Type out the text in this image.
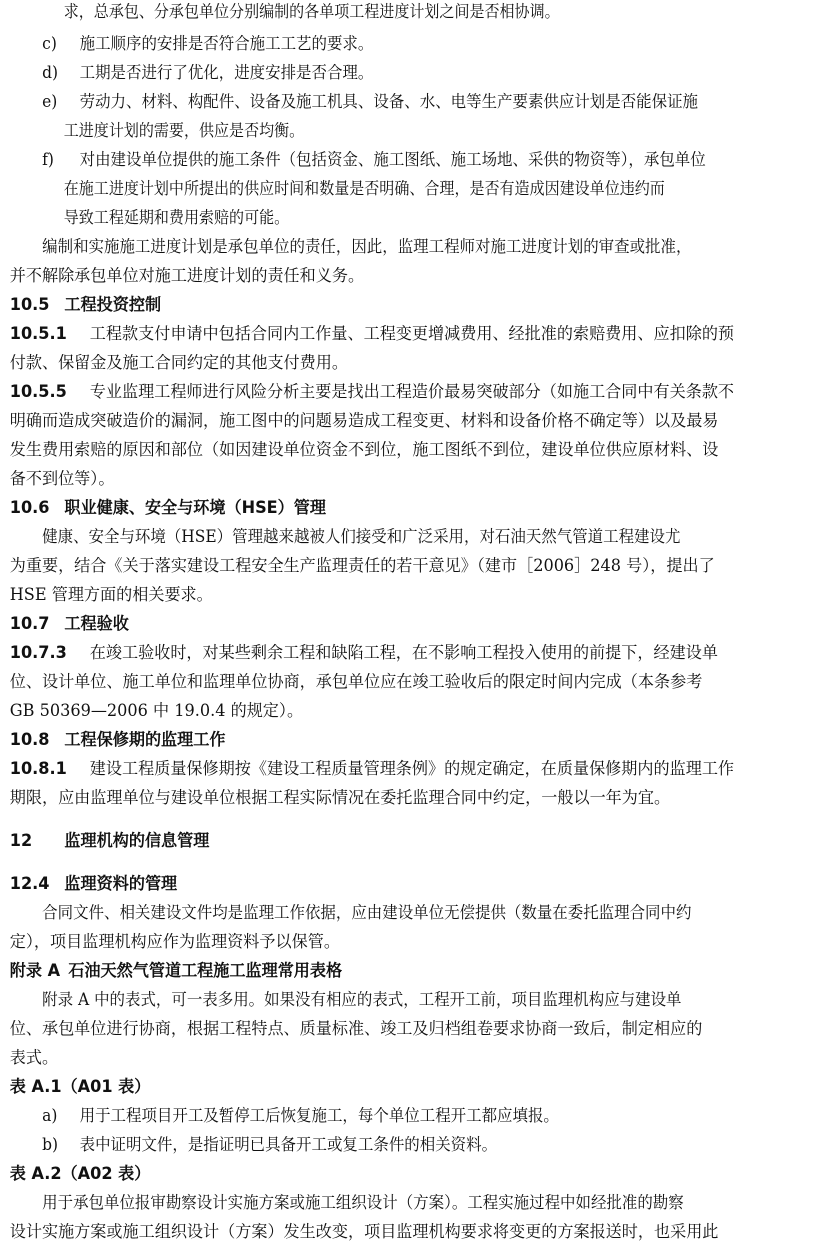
求，总承包、分承包单位分别编制的各单项工程进度计划之间是否相协调。
c) 施工顺序的安排是否符合施工工艺的要求。
d) 工期是否进行了优化，进度安排是否合理。
e) 劳动力、材料、构配件、设备及施工机具、设备、水、电等生产要素供应计划是否能保证施
工进度计划的需要，供应是否均衡。
f) 对由建设单位提供的施工条件（包括资金、施工图纸、施工场地、采供的物资等），承包单位
在施工进度计划中所提出的供应时间和数量是否明确、合理，是否有造成因建设单位违约而
导致工程延期和费用索赔的可能。
编制和实施施工进度计划是承包单位的责任，因此，监理工程师对施工进度计划的审查或批准，
并不解除承包单位对施工进度计划的责任和义务。
10.5 工程投资控制
10.5.1 工程款支付申请中包括合同内工作量、工程变更增减费用、经批准的索赔费用、应扣除的预
付款、保留金及施工合同约定的其他支付费用。
10.5.5 专业监理工程师进行风险分析主要是找出工程造价最易突破部分（如施工合同中有关条款不
明确而造成突破造价的漏洞，施工图中的问题易造成工程变更、材料和设备价格不确定等）以及最易
发生费用索赔的原因和部位（如因建设单位资金不到位，施工图纸不到位，建设单位供应原材料、设
备不到位等）。
10.6 职业健康、安全与环境（HSE）管理
健康、安全与环境（HSE）管理越来越被人们接受和广泛采用，对石油天然气管道工程建设尤
为重要，结合《关于落实建设工程安全生产监理责任的若干意见》（建市［2006］248 号），提出了
HSE 管理方面的相关要求。
10.7 工程验收
10.7.3 在竣工验收时，对某些剩余工程和缺陷工程，在不影响工程投入使用的前提下，经建设单
位、设计单位、施工单位和监理单位协商，承包单位应在竣工验收后的限定时间内完成（本条参考
GB 50369—2006 中 19.0.4 的规定）。
10.8 工程保修期的监理工作
10.8.1 建设工程质量保修期按《建设工程质量管理条例》的规定确定，在质量保修期内的监理工作
期限，应由监理单位与建设单位根据工程实际情况在委托监理合同中约定，一般以一年为宜。
12 监理机构的信息管理
12.4 监理资料的管理
合同文件、相关建设文件均是监理工作依据，应由建设单位无偿提供（数量在委托监理合同中约
定），项目监理机构应作为监理资料予以保管。
附录 A 石油天然气管道工程施工监理常用表格
附录 A 中的表式，可一表多用。如果没有相应的表式，工程开工前，项目监理机构应与建设单
位、承包单位进行协商，根据工程特点、质量标准、竣工及归档组卷要求协商一致后，制定相应的
表式。
表 A.1（A01 表）
a) 用于工程项目开工及暂停工后恢复施工，每个单位工程开工都应填报。
b) 表中证明文件，是指证明已具备开工或复工条件的相关资料。
表 A.2（A02 表）
用于承包单位报审勘察设计实施方案或施工组织设计（方案）。工程实施过程中如经批准的勘察
设计实施方案或施工组织设计（方案）发生改变，项目监理机构要求将变更的方案报送时，也采用此
